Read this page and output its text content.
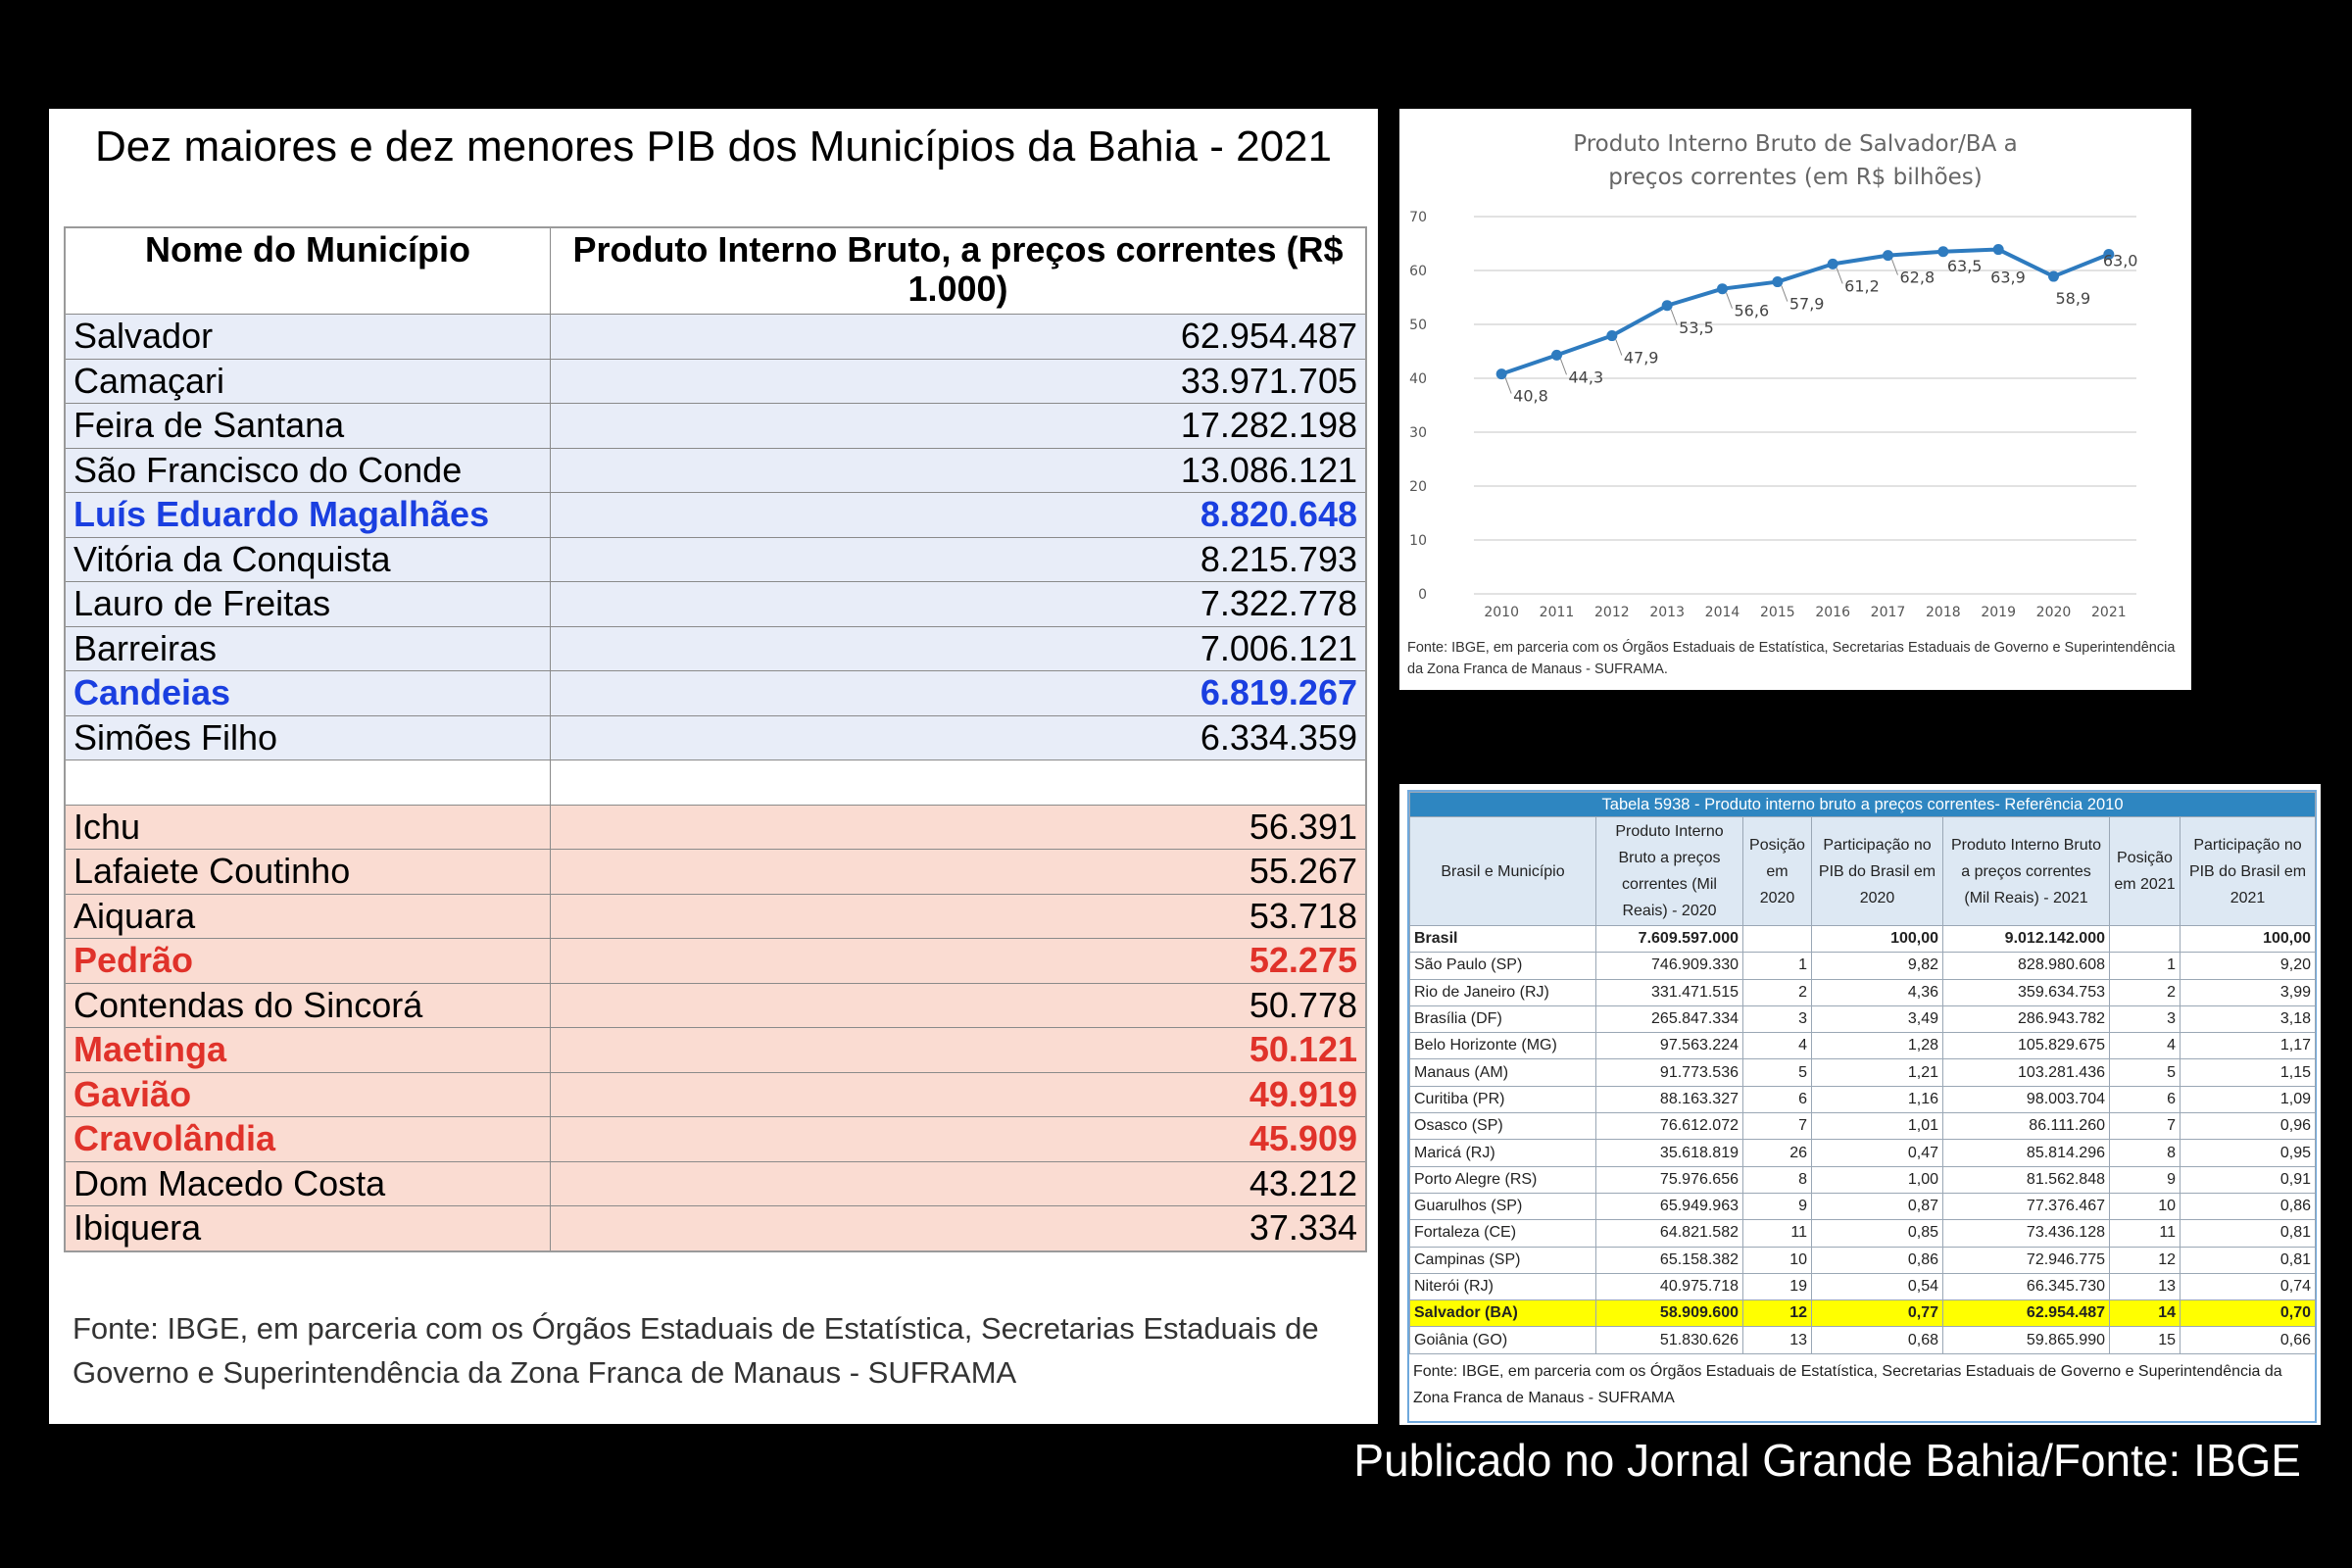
Dez maiores e dez menores PIB dos Municípios da Bahia - 2021
Nome do Município	Produto Interno Bruto, a preços correntes (R$ 1.000)
Salvador	62.954.487
Camaçari	33.971.705
Feira de Santana	17.282.198
São Francisco do Conde	13.086.121
Luís Eduardo Magalhães	8.820.648
Vitória da Conquista	8.215.793
Lauro de Freitas	7.322.778
Barreiras	7.006.121
Candeias	6.819.267
Simões Filho	6.334.359

Ichu	56.391
Lafaiete Coutinho	55.267
Aiquara	53.718
Pedrão	52.275
Contendas do Sincorá	50.778
Maetinga	50.121
Gavião	49.919
Cravolândia	45.909
Dom Macedo Costa	43.212
Ibiquera	37.334
Fonte: IBGE, em parceria com os Órgãos Estaduais de Estatística, Secretarias Estaduais de Governo e Superintendência da Zona Franca de Manaus - SUFRAMA
Produto Interno Bruto de Salvador/BA a
preços correntes (em R$ bilhões)
0
10
20
30
40
50
60
70
2010 2011 2012 2013 2014 2015 2016 2017 2018 2019 2020 2021
40,8
44,3
47,9
53,5
56,6 57,9
61,2 62,8
63,5
63,9
58,9
63,0
Fonte: IBGE, em parceria com os Órgãos Estaduais de Estatística, Secretarias Estaduais de Governo e Superintendência da Zona Franca de Manaus - SUFRAMA.
Tabela 5938 - Produto interno bruto a preços correntes- Referência 2010						
Brasil e Município	Produto Interno Bruto a preços correntes (Mil Reais) - 2020	Posição em 2020	Participação no PIB do Brasil em 2020	Produto Interno Bruto a preços correntes (Mil Reais) - 2021	Posição em 2021	Participação no PIB do Brasil em 2021
Brasil	7.609.597.000		100,00	9.012.142.000		100,00
São Paulo (SP)	746.909.330	1	9,82	828.980.608	1	9,20
Rio de Janeiro (RJ)	331.471.515	2	4,36	359.634.753	2	3,99
Brasília (DF)	265.847.334	3	3,49	286.943.782	3	3,18
Belo Horizonte (MG)	97.563.224	4	1,28	105.829.675	4	1,17
Manaus (AM)	91.773.536	5	1,21	103.281.436	5	1,15
Curitiba (PR)	88.163.327	6	1,16	98.003.704	6	1,09
Osasco (SP)	76.612.072	7	1,01	86.111.260	7	0,96
Maricá (RJ)	35.618.819	26	0,47	85.814.296	8	0,95
Porto Alegre (RS)	75.976.656	8	1,00	81.562.848	9	0,91
Guarulhos (SP)	65.949.963	9	0,87	77.376.467	10	0,86
Fortaleza (CE)	64.821.582	11	0,85	73.436.128	11	0,81
Campinas (SP)	65.158.382	10	0,86	72.946.775	12	0,81
Niterói (RJ)	40.975.718	19	0,54	66.345.730	13	0,74
Salvador (BA)	58.909.600	12	0,77	62.954.487	14	0,70
Goiânia (GO)	51.830.626	13	0,68	59.865.990	15	0,66
Fonte: IBGE, em parceria com os Órgãos Estaduais de Estatística, Secretarias Estaduais de Governo e Superintendência da Zona Franca de Manaus - SUFRAMA
Publicado no Jornal Grande Bahia/Fonte: IBGE
